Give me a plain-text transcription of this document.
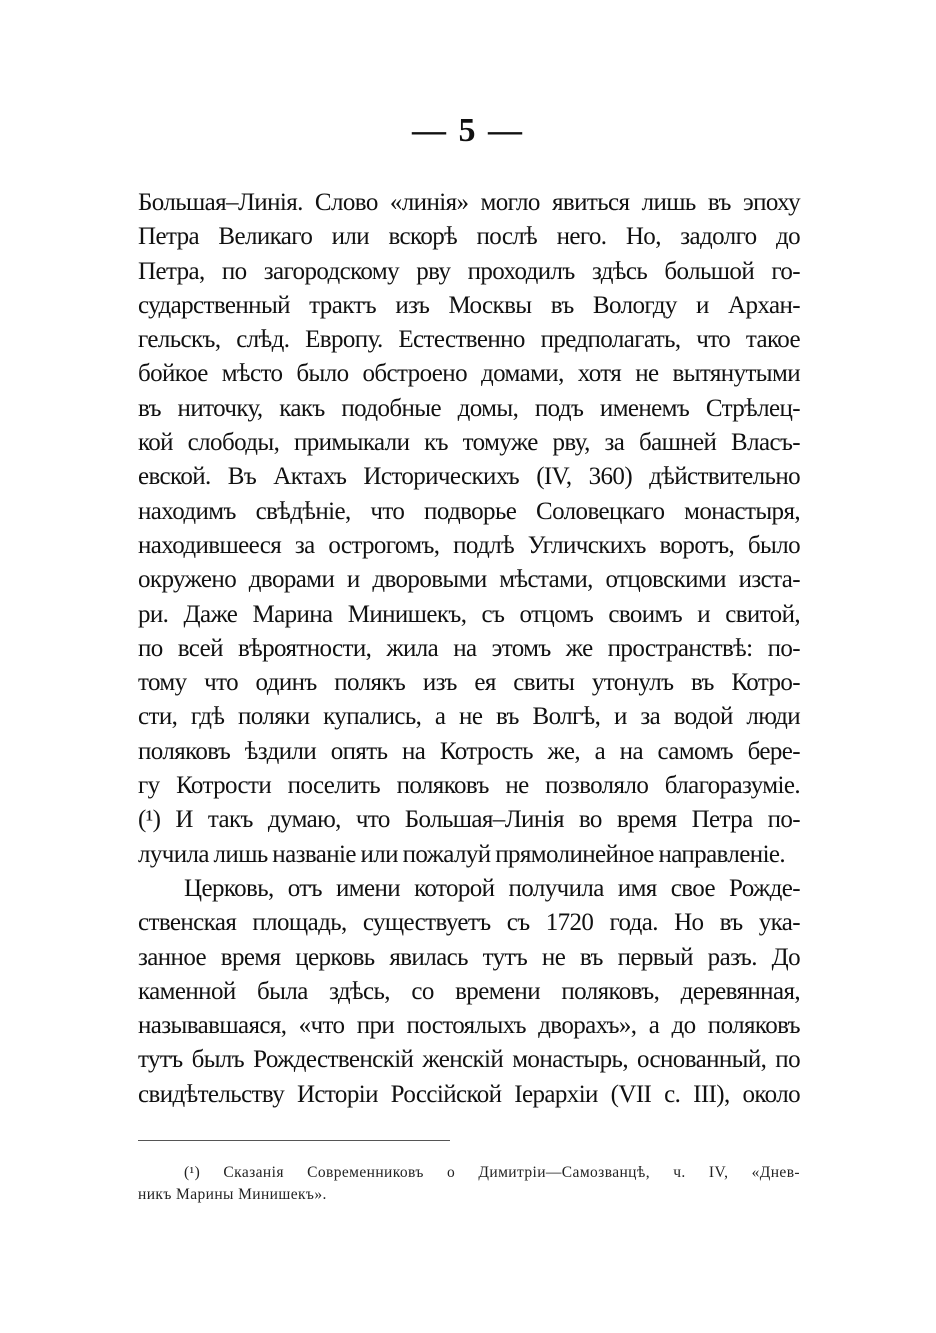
— 5 —
Большая–Линія. Слово «линія» могло явиться лишь въ эпоху
Петра Великаго или вскорѣ послѣ него. Но, задолго до
Петра, по загородскому рву проходилъ здѣсь большой го-
сударственный трактъ изъ Москвы въ Вологду и Архан-
гельскъ, слѣд. Европу. Естественно предполагать, что такое
бойкое мѣсто было обстроено домами, хотя не вытянутыми
въ ниточку, какъ подобные домы, подъ именемъ Стрѣлец-
кой слободы, примыкали къ томуже рву, за башней Власъ-
евской. Въ Актахъ Историческихъ (IV, 360) дѣйствительно
находимъ свѣдѣніе, что подворье Соловецкаго монастыря,
находившееся за острогомъ, подлѣ Угличскихъ воротъ, было
окружено дворами и дворовыми мѣстами, отцовскими изста-
ри. Даже Марина Минишекъ, съ отцомъ своимъ и свитой,
по всей вѣроятности, жила на этомъ же пространствѣ: по-
тому что одинъ полякъ изъ ея свиты утонулъ въ Котро-
сти, гдѣ поляки купались, а не въ Волгѣ, и за водой люди
поляковъ ѣздили опять на Котрость же, а на самомъ бере-
гу Котрости поселить поляковъ не позволяло благоразуміе.
(¹) И такъ думаю, что Большая–Линія во время Петра по-
лучила лишь названіе или пожалуй прямолинейное направленіе.
Церковь, отъ имени которой получила имя свое Рожде-
ственская площадь, существуетъ съ 1720 года. Но въ ука-
занное время церковь явилась тутъ не въ первый разъ. До
каменной была здѣсь, со времени поляковъ, деревянная,
называвшаяся, «что при постоялыхъ дворахъ», а до поляковъ
тутъ былъ Рождественскій женскій монастырь, основанный, по
свидѣтельству Исторіи Россійской Іерархіи (VII с. III), около
(¹) Сказанія Современниковъ о Димитріи—Самозванцѣ, ч. IV, «Днев-
никъ Марины Минишекъ».
